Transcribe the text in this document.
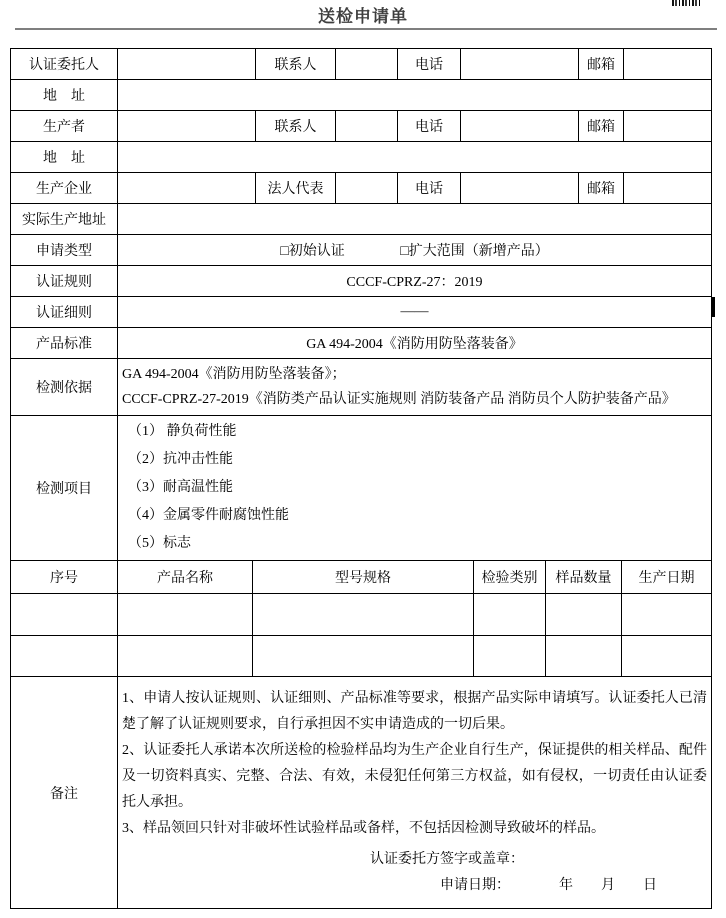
送检申请单
认证委托人		联系人		电话		邮箱	
地　址							
生产者		联系人		电话		邮箱	
地　址							
生产企业		法人代表		电话		邮箱	
实际生产地址							
申请类型	□初始认证 □扩大范围（新增产品）						
认证规则	CCCF-CPRZ-27：2019						
认证细则	——						
产品标准	GA 494-2004《消防用防坠落装备》						
检测依据	GA 494-2004《消防用防坠落装备》；
CCCF-CPRZ-27-2019《消防类产品认证实施规则 消防装备产品 消防员个人防护装备产品》						

检测项目	（1） 静负荷性能
（2）抗冲击性能
（3）耐高温性能
（4）金属零件耐腐蚀性能
（5）标志						
序号	产品名称	型号规格	检验类别	样品数量	生产日期

备注	
1、申请人按认证规则、认证细则、产品标准等要求，根据产品实际申请填写。认证委托人已清楚了解了认证规则要求，自行承担因不实申请造成的一切后果。
2、认证委托人承诺本次所送检的检验样品均为生产企业自行生产，保证提供的相关样品、配件及一切资料真实、完整、合法、有效，未侵犯任何第三方权益，如有侵权，一切责任由认证委托人承担。
3、样品领回只针对非破坏性试验样品或备样，不包括因检测导致破坏的样品。
认证委托方签字或盖章：
申请日期：　　　　年　　月　　日
